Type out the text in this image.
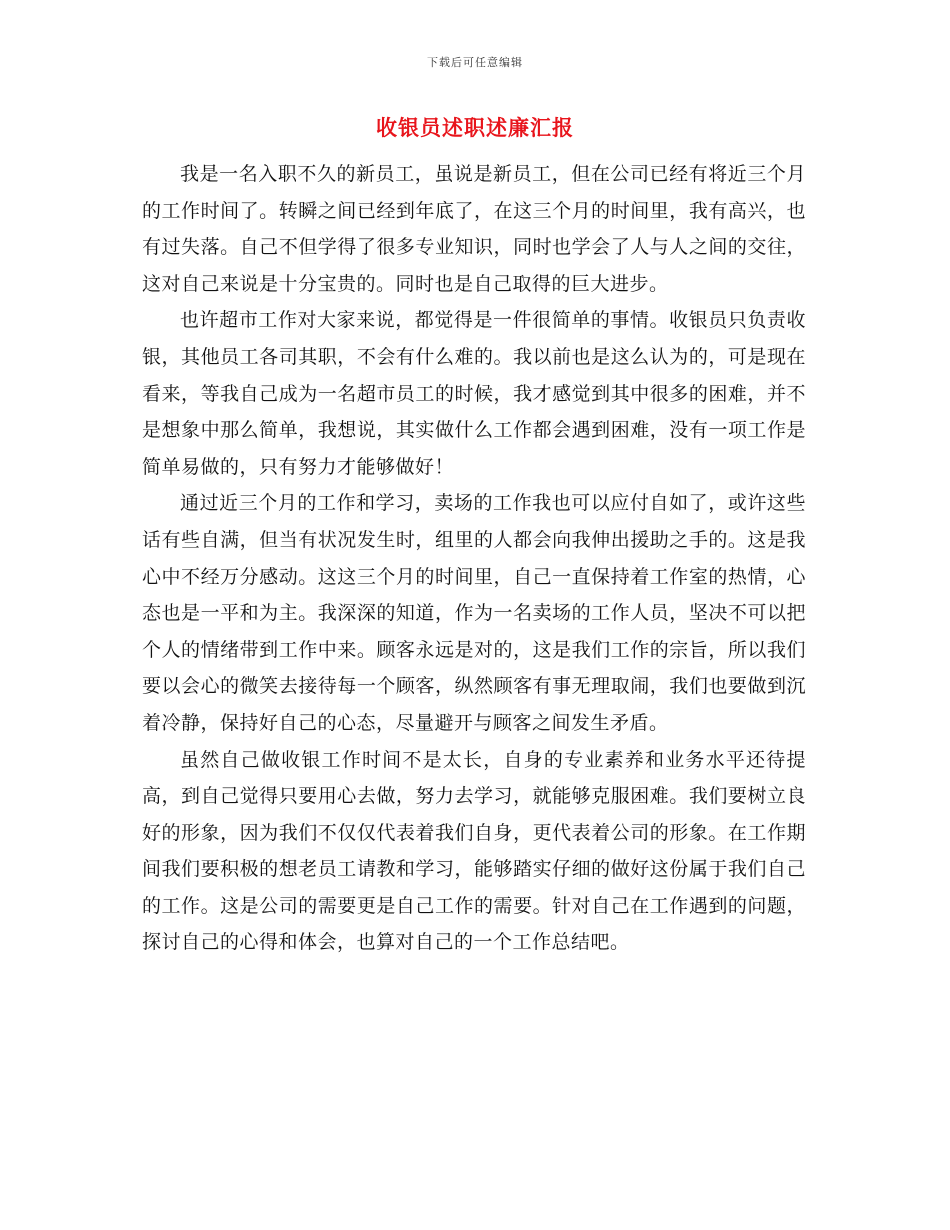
下载后可任意编辑
收银员述职述廉汇报

我是一名入职不久的新员工，虽说是新员工，但在公司已经有将近三个月的工作时间了。转瞬之间已经到年底了，在这三个月的时间里，我有高兴，也有过失落。自己不但学得了很多专业知识，同时也学会了人与人之间的交往，这对自己来说是十分宝贵的。同时也是自己取得的巨大进步。

也许超市工作对大家来说，都觉得是一件很简单的事情。收银员只负责收银，其他员工各司其职，不会有什么难的。我以前也是这么认为的，可是现在看来，等我自己成为一名超市员工的时候，我才感觉到其中很多的困难，并不是想象中那么简单，我想说，其实做什么工作都会遇到困难，没有一项工作是简单易做的，只有努力才能够做好！

通过近三个月的工作和学习，卖场的工作我也可以应付自如了，或许这些话有些自满，但当有状况发生时，组里的人都会向我伸出援助之手的。这是我心中不经万分感动。这这三个月的时间里，自己一直保持着工作室的热情，心态也是一平和为主。我深深的知道，作为一名卖场的工作人员，坚决不可以把个人的情绪带到工作中来。顾客永远是对的，这是我们工作的宗旨，所以我们要以会心的微笑去接待每一个顾客，纵然顾客有事无理取闹，我们也要做到沉着冷静，保持好自己的心态，尽量避开与顾客之间发生矛盾。

虽然自己做收银工作时间不是太长，自身的专业素养和业务水平还待提高，到自己觉得只要用心去做，努力去学习，就能够克服困难。我们要树立良好的形象，因为我们不仅仅代表着我们自身，更代表着公司的形象。在工作期间我们要积极的想老员工请教和学习，能够踏实仔细的做好这份属于我们自己的工作。这是公司的需要更是自己工作的需要。针对自己在工作遇到的问题，探讨自己的心得和体会，也算对自己的一个工作总结吧。
